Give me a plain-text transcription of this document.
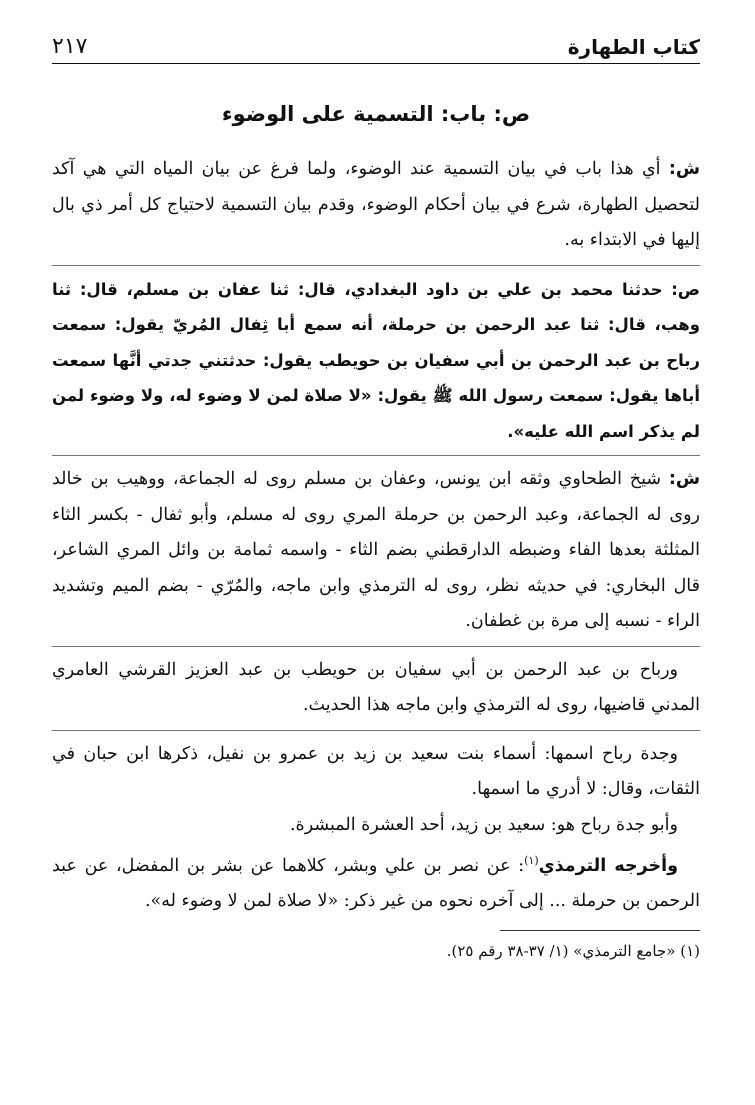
كتاب الطهارة
٢١٧
ص: باب: التسمية على الوضوء

ش: أي هذا باب في بيان التسمية عند الوضوء، ولما فرغ عن بيان المياه التي هي آكد لتحصيل الطهارة، شرع في بيان أحكام الوضوء، وقدم بيان التسمية لاحتياج كل أمر ذي بال إليها في الابتداء به.

ص: حدثنا محمد بن علي بن داود البغدادي، قال: ثنا عفان بن مسلم، قال: ثنا وهب، قال: ثنا عبد الرحمن بن حرملة، أنه سمع أبا ثِفال المُريّ يقول: سمعت رباح بن عبد الرحمن بن أبي سفيان بن حويطب يقول: حدثتني جدتي أنَّها سمعت أباها يقول: سمعت رسول الله ﷺ يقول: «لا صلاة لمن لا وضوء له، ولا وضوء لمن لم يذكر اسم الله عليه».

ش: شيخ الطحاوي وثقه ابن يونس، وعفان بن مسلم روى له الجماعة، ووهيب بن خالد روى له الجماعة، وعبد الرحمن بن حرملة المري روى له مسلم، وأبو ثفال - بكسر الثاء المثلثة بعدها الفاء وضبطه الدارقطني بضم الثاء - واسمه ثمامة بن وائل المري الشاعر، قال البخاري: في حديثه نظر، روى له الترمذي وابن ماجه، والمُرّي - بضم الميم وتشديد الراء - نسبه إلى مرة بن غطفان.

ورباح بن عبد الرحمن بن أبي سفيان بن حويطب بن عبد العزيز القرشي العامري المدني قاضيها، روى له الترمذي وابن ماجه هذا الحديث.

وجدة رباح اسمها: أسماء بنت سعيد بن زيد بن عمرو بن نفيل، ذكرها ابن حبان في الثقات، وقال: لا أدري ما اسمها.

وأبو جدة رباح هو: سعيد بن زيد، أحد العشرة المبشرة.

وأخرجه الترمذي$^{(١)}$: عن نصر بن علي وبشر، كلاهما عن بشر بن المفضل، عن عبد الرحمن بن حرملة ... إلى آخره نحوه من غير ذكر: «لا صلاة لمن لا وضوء له».

(١) «جامع الترمذي» (١/ ٣٧-٣٨ رقم ٢٥).
